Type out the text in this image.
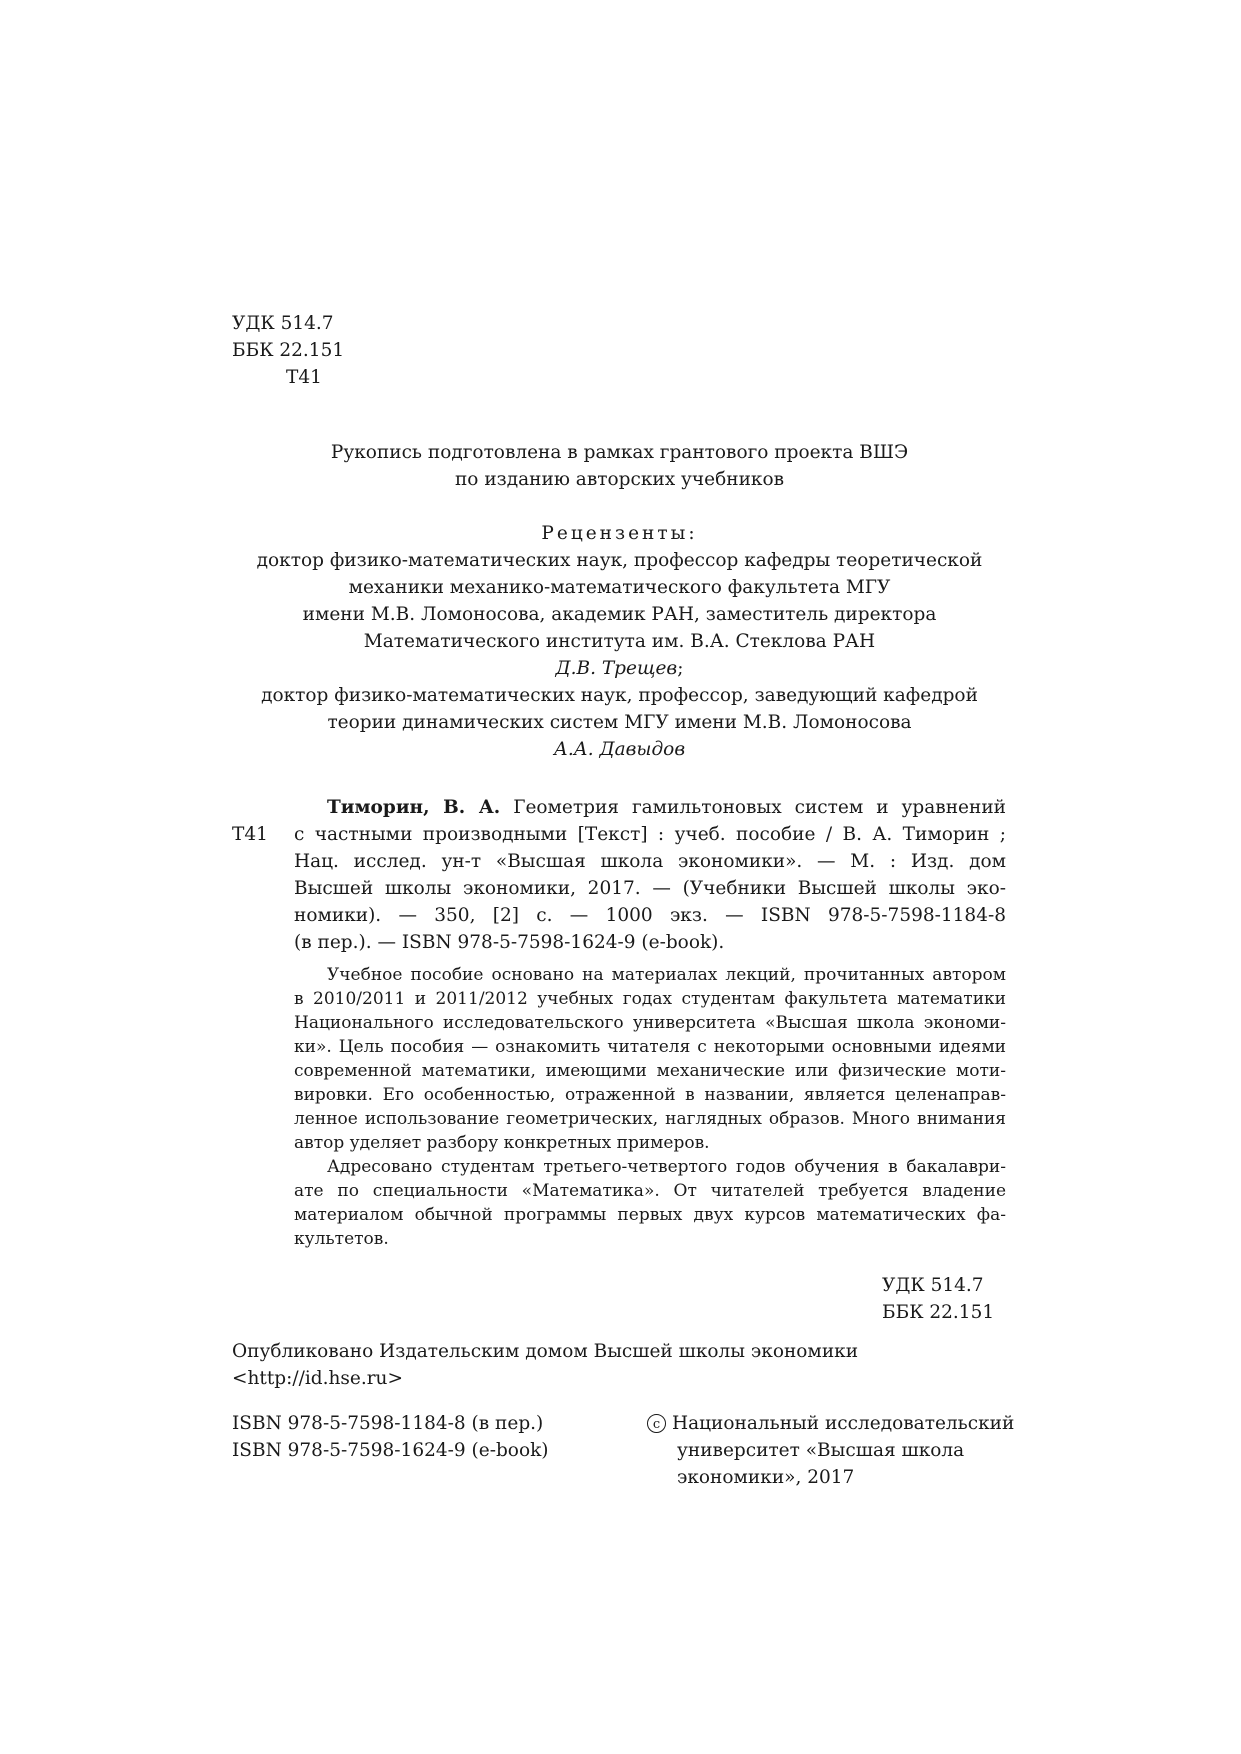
УДК 514.7
ББК 22.151
Т41
Рукопись подготовлена в рамках грантового проекта ВШЭ
по изданию авторских учебников
Рецензенты:
доктор физико-математических наук, профессор кафедры теоретической
механики механико-математического факультета МГУ
имени М.В. Ломоносова, академик РАН, заместитель директора
Математического института им. В.А. Стеклова РАН
Д.В. Трещев;
доктор физико-математических наук, профессор, заведующий кафедрой
теории динамических систем МГУ имени М.В. Ломоносова
А.А. Давыдов
Т41
Тиморин, В. А. Геометрия гамильтоновых систем и уравнений
с частными производными [Текст] : учеб. пособие / В. А. Тиморин ;
Нац. исслед. ун-т «Высшая школа экономики». — М. : Изд. дом
Высшей школы экономики, 2017. — (Учебники Высшей школы эко-
номики). — 350, [2] с. — 1000 экз. — ISBN 978-5-7598-1184-8
(в пер.). — ISBN 978-5-7598-1624-9 (e-book).
Учебное пособие основано на материалах лекций, прочитанных автором
в 2010/2011 и 2011/2012 учебных годах студентам факультета математики
Национального исследовательского университета «Высшая школа экономи-
ки». Цель пособия — ознакомить читателя с некоторыми основными идеями
современной математики, имеющими механические или физические моти-
вировки. Его особенностью, отраженной в названии, является целенаправ-
ленное использование геометрических, наглядных образов. Много внимания
автор уделяет разбору конкретных примеров.
Адресовано студентам третьего-четвертого годов обучения в бакалаври-
ате по специальности «Математика». От читателей требуется владение
материалом обычной программы первых двух курсов математических фа-
культетов.
УДК 514.7
ББК 22.151
Опубликовано Издательским домом Высшей школы экономики
<http://id.hse.ru>
ISBN 978-5-7598-1184-8 (в пер.)
ISBN 978-5-7598-1624-9 (e-book)
c Национальный исследовательский
университет «Высшая школа
экономики», 2017
